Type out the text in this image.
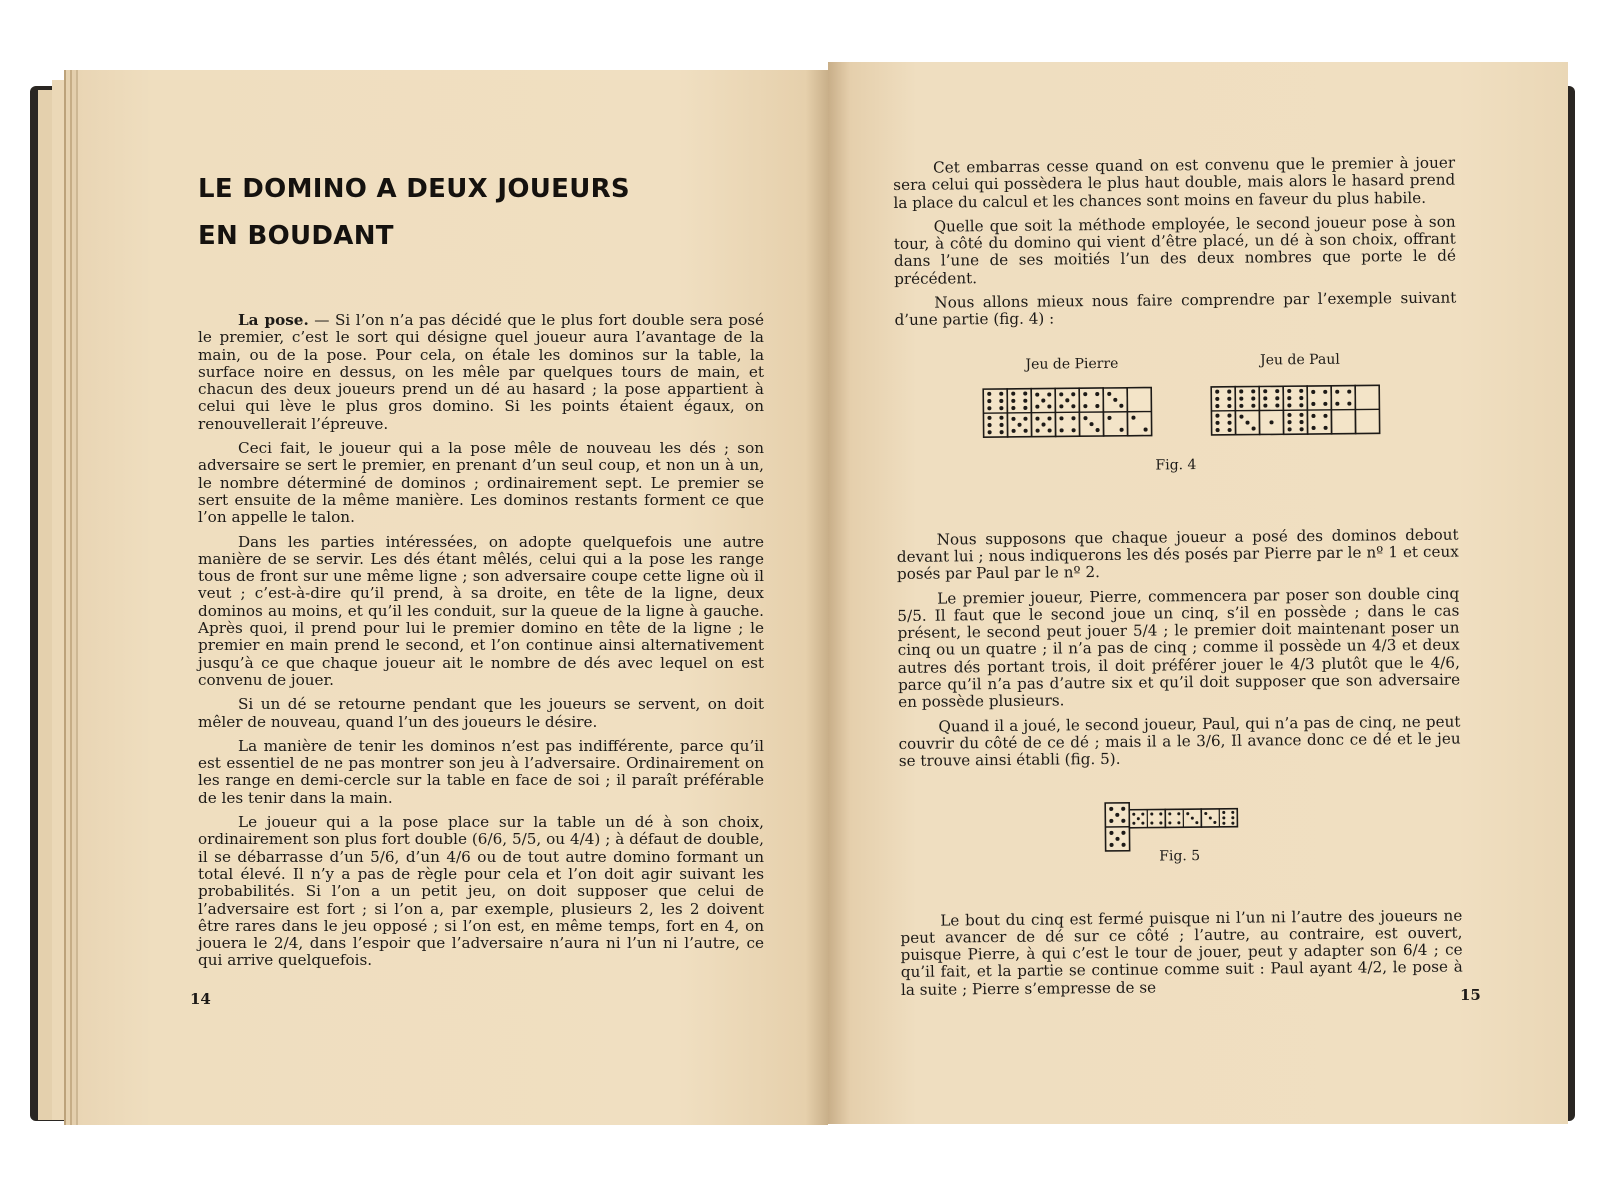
LE DOMINO A DEUX JOUEURS
EN BOUDANT

La pose. — Si l’on n’a pas décidé que le plus fort double sera posé le premier, c’est le sort qui désigne quel joueur aura l’avantage de la main, ou de la pose. Pour cela, on étale les dominos sur la table, la surface noire en dessus, on les mêle par quelques tours de main, et chacun des deux joueurs prend un dé au hasard ; la pose appartient à celui qui lève le plus gros domino. Si les points étaient égaux, on renouvellerait l’épreuve.

Ceci fait, le joueur qui a la pose mêle de nouveau les dés ; son adversaire se sert le premier, en prenant d’un seul coup, et non un à un, le nombre déterminé de dominos ; ordinairement sept. Le premier se sert ensuite de la même manière. Les dominos restants forment ce que l’on appelle le talon.

Dans les parties intéressées, on adopte quelquefois une autre manière de se servir. Les dés étant mêlés, celui qui a la pose les range tous de front sur une même ligne ; son adversaire coupe cette ligne où il veut ; c’est-à-dire qu’il prend, à sa droite, en tête de la ligne, deux dominos au moins, et qu’il les conduit, sur la queue de la ligne à gauche. Après quoi, il prend pour lui le premier domino en tête de la ligne ; le premier en main prend le second, et l’on continue ainsi alternativement jusqu’à ce que chaque joueur ait le nombre de dés avec lequel on est convenu de jouer.

Si un dé se retourne pendant que les joueurs se servent, on doit mêler de nouveau, quand l’un des joueurs le désire.

La manière de tenir les dominos n’est pas indifférente, parce qu’il est essentiel de ne pas montrer son jeu à l’adversaire. Ordinairement on les range en demi-cercle sur la table en face de soi ; il paraît préférable de les tenir dans la main.

Le joueur qui a la pose place sur la table un dé à son choix, ordinairement son plus fort double (6/6, 5/5, ou 4/4) ; à défaut de double, il se débarrasse d’un 5/6, d’un 4/6 ou de tout autre domino formant un total élevé. Il n’y a pas de règle pour cela et l’on doit agir suivant les probabilités. Si l’on a un petit jeu, on doit supposer que celui de l’adversaire est fort ; si l’on a, par exemple, plusieurs 2, les 2 doivent être rares dans le jeu opposé ; si l’on est, en même temps, fort en 4, on jouera le 2/4, dans l’espoir que l’adversaire n’aura ni l’un ni l’autre, ce qui arrive quelquefois.

Cet embarras cesse quand on est convenu que le premier à jouer sera celui qui possèdera le plus haut double, mais alors le hasard prend la place du calcul et les chances sont moins en faveur du plus habile.

Quelle que soit la méthode employée, le second joueur pose à son tour, à côté du domino qui vient d’être placé, un dé à son choix, offrant dans l’une de ses moitiés l’un des deux nombres que porte le dé précédent.

Nous allons mieux nous faire comprendre par l’exemple suivant d’une partie (fig. 4) :

Jeu de Pierre	Jeu de Paul
Fig. 4

Nous supposons que chaque joueur a posé des dominos debout devant lui ; nous indiquerons les dés posés par Pierre par le nº 1 et ceux posés par Paul par le nº 2.

Le premier joueur, Pierre, commencera par poser son double cinq 5/5. Il faut que le second joue un cinq, s’il en possède ; dans le cas présent, le second peut jouer 5/4 ; le premier doit maintenant poser un cinq ou un quatre ; il n’a pas de cinq ; comme il possède un 4/3 et deux autres dés portant trois, il doit préférer jouer le 4/3 plutôt que le 4/6, parce qu’il n’a pas d’autre six et qu’il doit supposer que son adversaire en possède plusieurs.

Quand il a joué, le second joueur, Paul, qui n’a pas de cinq, ne peut couvrir du côté de ce dé ; mais il a le 3/6, Il avance donc ce dé et le jeu se trouve ainsi établi (fig. 5).

Fig. 5

Le bout du cinq est fermé puisque ni l’un ni l’autre des joueurs ne peut avancer de dé sur ce côté ; l’autre, au contraire, est ouvert, puisque Pierre, à qui c’est le tour de jouer, peut y adapter son 6/4 ; ce qu’il fait, et la partie se continue comme suit : Paul ayant 4/2, le pose à la suite ; Pierre s’empresse de se

14	15
